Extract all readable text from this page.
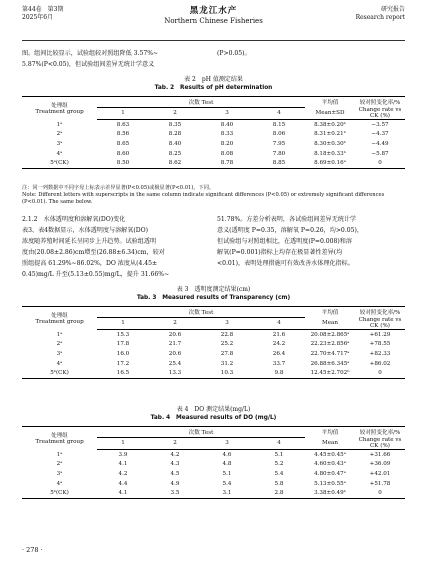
第44卷　第3期
2025年6月
黑龙江水产
Northern Chinese Fisheries
研究报告
Research report
图。组间比较显示，试验组较对照组降低 3.57%~
5.87%(P<0.05)，但试验组间差异无统计学意义
(P>0.05)。
表 2　pH 值测定结果
Tab. 2　Results of pH determination
处理组
Treatment group	次数 Test				平均值	较对照变化率/%
	1	2	3	4	Mean±SD	Change rate vs CK (%)
1ᵃ	8.63	8.35	8.40	8.15	8.38±0.20ᵇ	−3.57
2ᵃ	8.56	8.28	8.33	8.06	8.31±0.21ᵇ	−4.37
3ᵃ	8.65	8.40	8.20	7.95	8.30±0.30ᵇ	−4.49
4ᵃ	8.60	8.25	8.08	7.80	8.18±0.33ᵇ	−5.87
5ᵃ(CK)	8.50	8.62	8.78	8.85	8.69±0.16ᵃ	0
注：同一列数据中不同字母上标表示差异显著(P<0.05)或极显著(P<0.01)，下同。
Note: Different letters with superscripts in the same column indicate significant differences (P<0.05) or extremely significant differences
(P<0.01). The same below.
2.1.2　水体透明度和溶解氧(DO)变化
表3、表4数据显示，水体透明度与溶解氧(DO)
浓度随养殖时间延长呈同步上升趋势。试验组透明
度由(20.08±2.86)cm增至(26.88±6.34)cm，较对
照组提高 61.29%~86.02%，DO 浓度从(4.45±
0.45)mg/L 升至(5.13±0.55)mg/L，提升 31.66%~
51.78%。方差分析表明，各试验组间差异无统计学
意义(透明度 P=0.35，溶解氧 P=0.26，均>0.05)，
但试验组与对照组相比，在透明度(P=0.008)和溶
解氧(P=0.001)指标上均存在极显著性差异(均
<0.01)，表明处理措施可有效改善水体理化指标。
表 3　透明度测定结果(cm)
Tab. 3　Measured results of Transparency (cm)
处理组
Treatment group	次数 Test				平均值	较对照变化率/%
	1	2	3	4	Mean	Change rate vs CK (%)
1ᵃ	15.3	20.6	22.8	21.6	20.08±2.865ᵃ	+61.29
2ᵃ	17.8	21.7	25.2	24.2	22.23±2.856ᵃ	+78.55
3ᵃ	16.0	20.6	27.8	26.4	22.70±4.717ᵃ	+82.33
4ᵃ	17.2	25.4	31.2	33.7	26.88±6.345ᵃ	+86.02
5ᵇ(CK)	16.5	13.3	10.3	9.8	12.45±2.702ᵇ	0
表 4　DO 测定结果(mg/L)
Tab. 4　Measured results of DO (mg/L)
处理组
Treatment group	次数 Test				平均值	较对照变化率/%
	1	2	3	4	Mean	Change rate vs CK (%)
1ᵃ	3.9	4.2	4.6	5.1	4.45±0.45ᵃ	+31.66
2ᵃ	4.1	4.3	4.8	5.2	4.60±0.43ᵃ	+36.09
3ᵃ	4.2	4.5	5.1	5.4	4.80±0.47ᵃ	+42.01
4ᵃ	4.4	4.9	5.4	5.8	5.13±0.55ᵃ	+51.78
5ᵇ(CK)	4.1	3.5	3.1	2.8	3.38±0.49ᵇ	0
· 278 ·
